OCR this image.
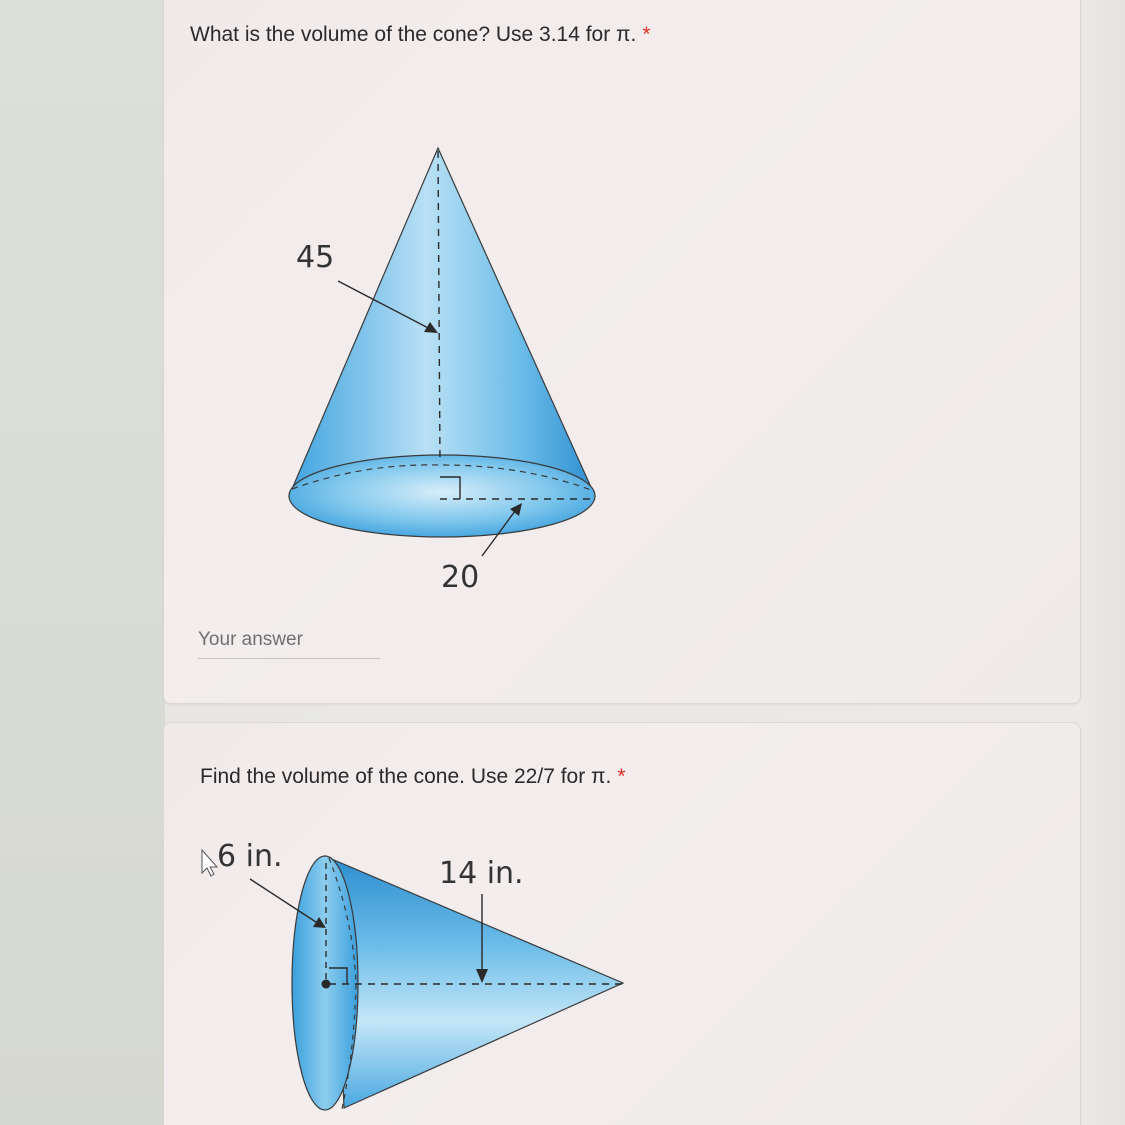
What is the volume of the cone? Use 3.14 for π. *
45
20
Your answer
Find the volume of the cone. Use 22/7 for π. *
6 in.	14 in.
